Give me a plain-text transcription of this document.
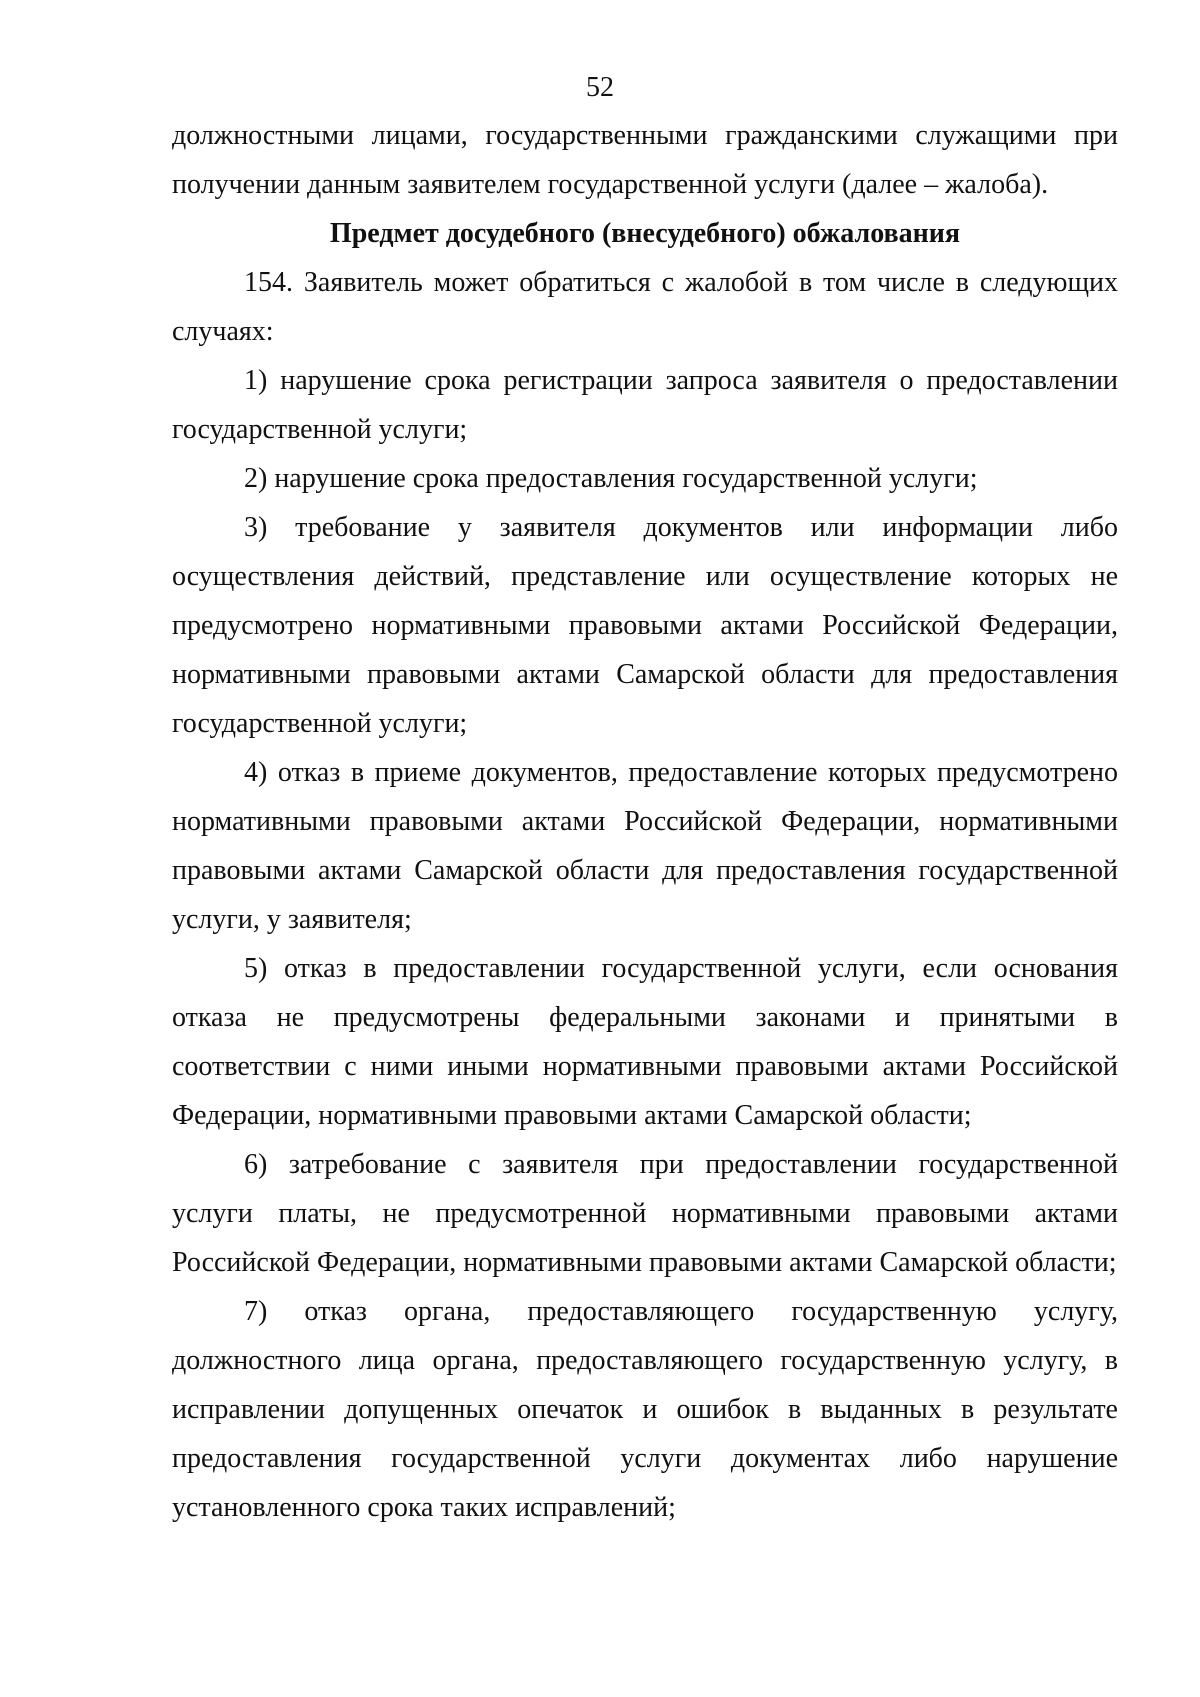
52

должностными лицами, государственными гражданскими служащими при получении данным заявителем государственной услуги (далее – жалоба).

Предмет досудебного (внесудебного) обжалования

154. Заявитель может обратиться с жалобой в том числе в следующих случаях:

1) нарушение срока регистрации запроса заявителя о предоставлении государственной услуги;

2) нарушение срока предоставления государственной услуги;

3) требование у заявителя документов или информации либо осуществления действий, представление или осуществление которых не предусмотрено нормативными правовыми актами Российской Федерации, нормативными правовыми актами Самарской области для предоставления государственной услуги;

4) отказ в приеме документов, предоставление которых предусмотрено нормативными правовыми актами Российской Федерации, нормативными правовыми актами Самарской области для предоставления государственной услуги, у заявителя;

5) отказ в предоставлении государственной услуги, если основания отказа не предусмотрены федеральными законами и принятыми в соответствии с ними иными нормативными правовыми актами Российской Федерации, нормативными правовыми актами Самарской области;

6) затребование с заявителя при предоставлении государственной услуги платы, не предусмотренной нормативными правовыми актами Российской Федерации, нормативными правовыми актами Самарской области;

7) отказ органа, предоставляющего государственную услугу, должностного лица органа, предоставляющего государственную услугу, в исправлении допущенных опечаток и ошибок в выданных в результате предоставления государственной услуги документах либо нарушение установленного срока таких исправлений;
